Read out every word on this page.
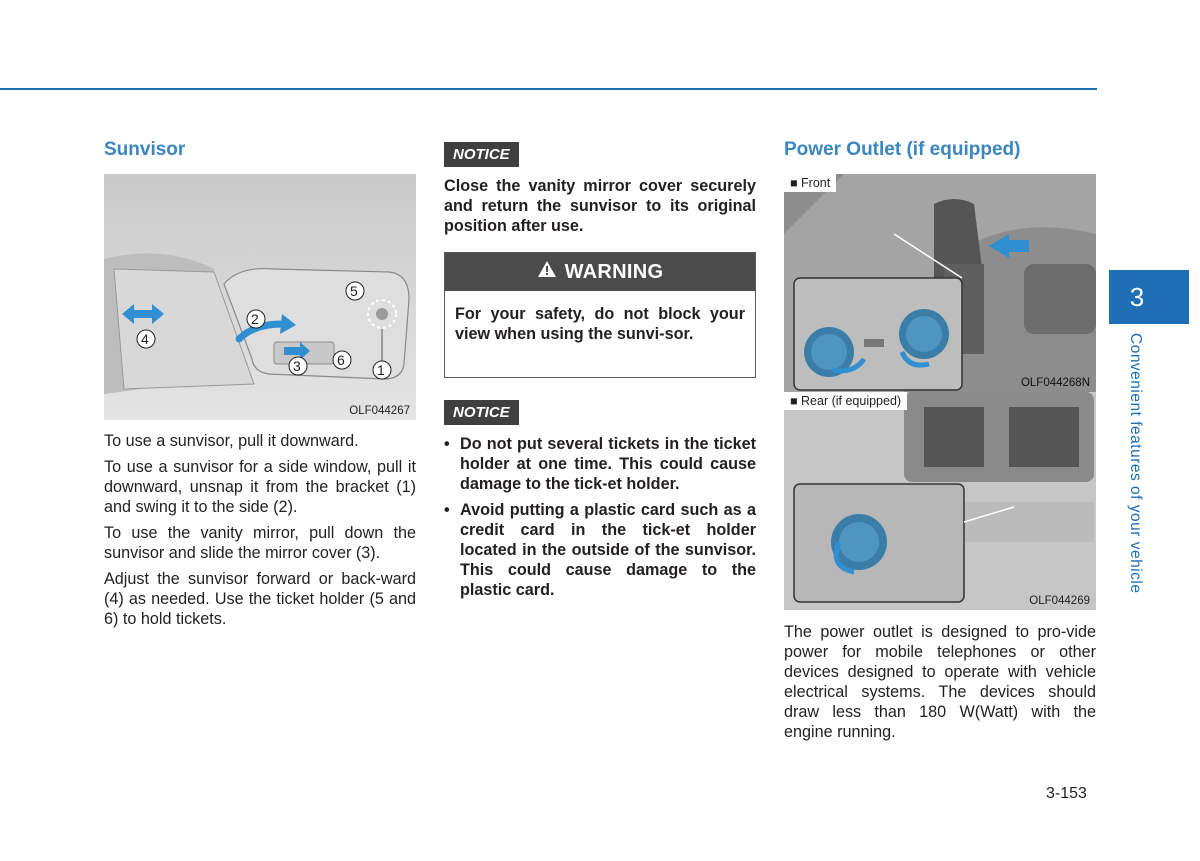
Sunvisor
2
5
4
3	6
1
OLF044267

To use a sunvisor, pull it downward.

To use a sunvisor for a side window, pull it downward, unsnap it from the bracket (1) and swing it to the side (2).

To use the vanity mirror, pull down the sunvisor and slide the mirror cover (3).

Adjust the sunvisor forward or back-ward (4) as needed. Use the ticket holder (5 and 6) to hold tickets.

NOTICE

Close the vanity mirror cover securely and return the sunvisor to its original position after use.

WARNING
For your safety, do not block your view when using the sunvi-sor.
NOTICE
• Do not put several tickets in the ticket holder at one time. This could cause damage to the tick-et holder.
• Avoid putting a plastic card such as a credit card in the tick-et holder located in the outside of the sunvisor. This could cause damage to the plastic card.
Power Outlet (if equipped)
■ Front
OLF044268N
■ Rear (if equipped)
OLF044269

The power outlet is designed to pro-vide power for mobile telephones or other devices designed to operate with vehicle electrical systems. The devices should draw less than 180 W(Watt) with the engine running.

3
Convenient features of your vehicle
3-153
